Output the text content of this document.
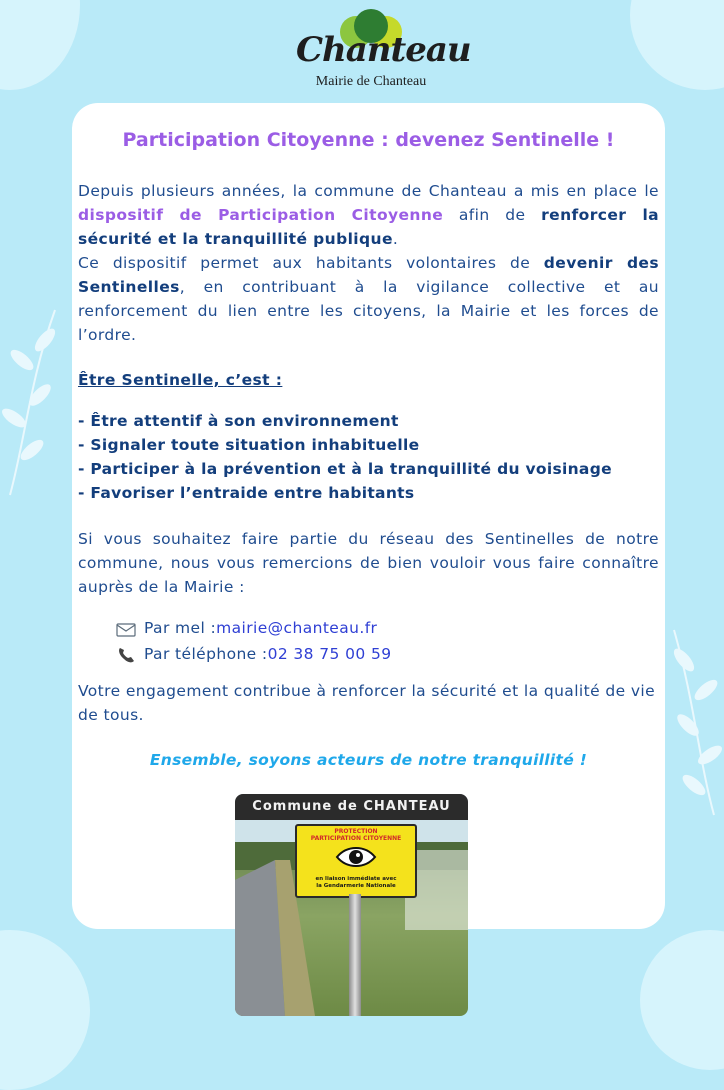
Chanteau
Mairie de Chanteau
Participation Citoyenne : devenez Sentinelle !
Depuis plusieurs années, la commune de Chanteau a mis en place le dispositif de Participation Citoyenne afin de renforcer la sécurité et la tranquillité publique.
Ce dispositif permet aux habitants volontaires de devenir des Sentinelles, en contribuant à la vigilance collective et au renforcement du lien entre les citoyens, la Mairie et les forces de l’ordre.
Être Sentinelle, c’est :
- Être attentif à son environnement
- Signaler toute situation inhabituelle
- Participer à la prévention et à la tranquillité du voisinage
- Favoriser l’entraide entre habitants
Si vous souhaitez faire partie du réseau des Sentinelles de notre commune, nous vous remercions de bien vouloir vous faire connaître auprès de la Mairie :
Par mel : mairie@chanteau.fr
Par téléphone : 02 38 75 00 59
Votre engagement contribue à renforcer la sécurité et la qualité de vie de tous.
Ensemble, soyons acteurs de notre tranquillité !
Commune de CHANTEAU
PROTECTION
PARTICIPATION CITOYENNE
en liaison immédiate avec
la Gendarmerie Nationale
